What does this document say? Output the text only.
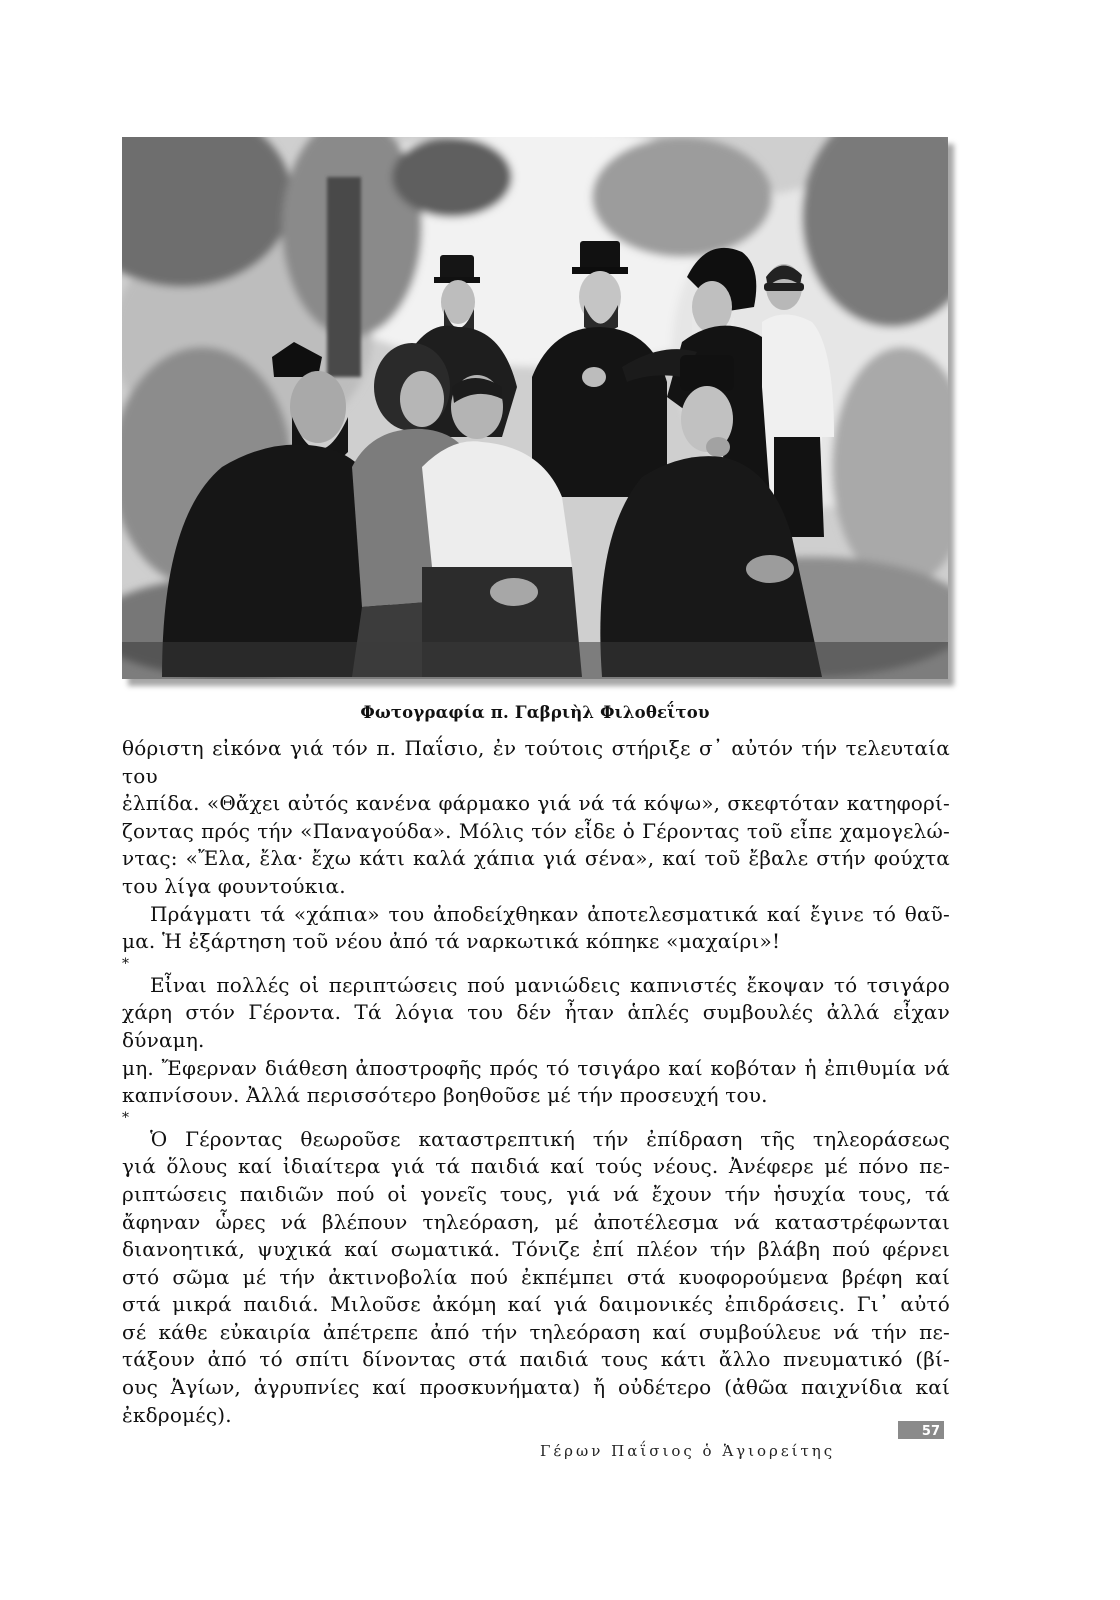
Φωτογραφία π. Γαβριὴλ Φιλοθεΐτου

θόριστη εἰκόνα γιά τόν π. Παΐσιο, ἐν τούτοις στήριξε σ᾽ αὐτόν τήν τελευταία του

ἐλπίδα. «Θἄχει αὐτός κανένα φάρμακο γιά νά τά κόψω», σκεφτόταν κατηφορί-

ζοντας πρός τήν «Παναγούδα». Μόλις τόν εἶδε ὁ Γέροντας τοῦ εἶπε χαμογελώ-

ντας: «Ἔλα, ἔλα· ἔχω κάτι καλά χάπια γιά σένα», καί τοῦ ἔβαλε στήν φούχτα

του λίγα φουντούκια.

Πράγματι τά «χάπια» του ἀποδείχθηκαν ἀποτελεσματικά καί ἔγινε τό θαῦ-

μα. Ἡ ἐξάρτηση τοῦ νέου ἀπό τά ναρκωτικά κόπηκε «μαχαίρι»!

*

Εἶναι πολλές οἱ περιπτώσεις πού μανιώδεις καπνιστές ἔκοψαν τό τσιγάρο

χάρη στόν Γέροντα. Τά λόγια του δέν ἦταν ἁπλές συμβουλές ἀλλά εἶχαν δύναμη.

μη. Ἔφερναν διάθεση ἀποστροφῆς πρός τό τσιγάρο καί κοβόταν ἡ ἐπιθυμία νά

καπνίσουν. Ἀλλά περισσότερο βοηθοῦσε μέ τήν προσευχή του.

*

Ὁ Γέροντας θεωροῦσε καταστρεπτική τήν ἐπίδραση τῆς τηλεοράσεως

γιά ὅλους καί ἰδιαίτερα γιά τά παιδιά καί τούς νέους. Ἀνέφερε μέ πόνο πε-

ριπτώσεις παιδιῶν πού οἱ γονεῖς τους, γιά νά ἔχουν τήν ἡσυχία τους, τά

ἄφηναν ὧρες νά βλέπουν τηλεόραση, μέ ἀποτέλεσμα νά καταστρέφωνται

διανοητικά, ψυχικά καί σωματικά. Τόνιζε ἐπί πλέον τήν βλάβη πού φέρνει

στό σῶμα μέ τήν ἀκτινοβολία πού ἐκπέμπει στά κυοφορούμενα βρέφη καί

στά μικρά παιδιά. Μιλοῦσε ἀκόμη καί γιά δαιμονικές ἐπιδράσεις. Γι᾽ αὐτό

σέ κάθε εὐκαιρία ἀπέτρεπε ἀπό τήν τηλεόραση καί συμβούλευε νά τήν πε-

τάξουν ἀπό τό σπίτι δίνοντας στά παιδιά τους κάτι ἄλλο πνευματικό (βί-

ους Ἁγίων, ἀγρυπνίες καί προσκυνήματα) ἤ οὐδέτερο (ἀθῶα παιχνίδια καί

ἐκδρομές).

57
Γέρων Παΐσιος ὁ Ἁγιορείτης
